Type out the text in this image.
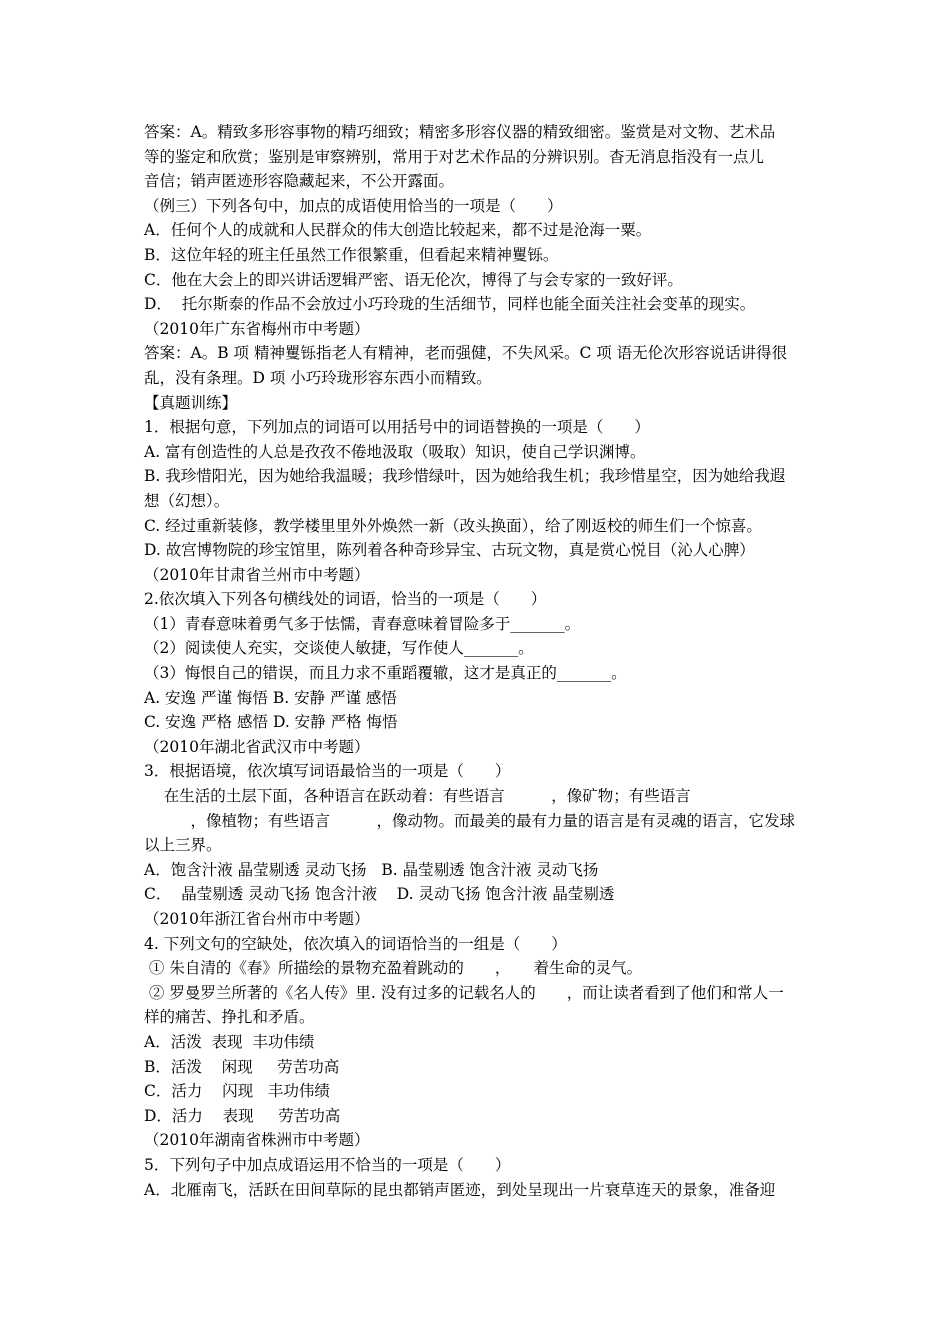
答案：A。精致多形容事物的精巧细致；精密多形容仪器的精致细密。鉴赏是对文物、艺术品
等的鉴定和欣赏；鉴别是审察辨别，常用于对艺术作品的分辨识别。杳无消息指没有一点儿
音信；销声匿迹形容隐藏起来，不公开露面。
（例三）下列各句中，加点的成语使用恰当的一项是（　　）
A．任何个人的成就和人民群众的伟大创造比较起来，都不过是沧海一粟。
B．这位年轻的班主任虽然工作很繁重，但看起来精神矍铄。
C．他在大会上的即兴讲话逻辑严密、语无伦次，博得了与会专家的一致好评。
D．  托尔斯泰的作品不会放过小巧玲珑的生活细节，同样也能全面关注社会变革的现实。
（2010年广东省梅州市中考题）
答案：A。B 项 精神矍铄指老人有精神，老而强健，不失风采。C 项 语无伦次形容说话讲得很
乱，没有条理。D 项 小巧玲珑形容东西小而精致。
【真题训练】
1．根据句意，下列加点的词语可以用括号中的词语替换的一项是（　　）
A. 富有创造性的人总是孜孜不倦地汲取（吸取）知识，使自己学识渊博。
B. 我珍惜阳光，因为她给我温暖；我珍惜绿叶，因为她给我生机；我珍惜星空，因为她给我遐
想（幻想）。
C. 经过重新装修，教学楼里里外外焕然一新（改头换面），给了刚返校的师生们一个惊喜。
D. 故宫博物院的珍宝馆里，陈列着各种奇珍异宝、古玩文物，真是赏心悦目（沁人心脾）
（2010年甘肃省兰州市中考题）
2.依次填入下列各句横线处的词语，恰当的一项是（　　）
（1）青春意味着勇气多于怯懦，青春意味着冒险多于_______。
（2）阅读使人充实，交谈使人敏捷，写作使人_______。
（3）悔恨自己的错误，而且力求不重蹈覆辙，这才是真正的_______。
A. 安逸 严谨 悔悟 B. 安静 严谨 感悟
C. 安逸 严格 感悟 D. 安静 严格 悔悟
（2010年湖北省武汉市中考题）
3．根据语境，依次填写词语最恰当的一项是（　　）
在生活的土层下面，各种语言在跃动着：有些语言　　　，像矿物；有些语言
　　　，像植物；有些语言　　　，像动物。而最美的最有力量的语言是有灵魂的语言，它发球
以上三界。
A．饱含汁液 晶莹剔透 灵动飞扬   B. 晶莹剔透 饱含汁液 灵动飞扬
C．  晶莹剔透 灵动飞扬 饱含汁液    D. 灵动飞扬 饱含汁液 晶莹剔透
（2010年浙江省台州市中考题）
4. 下列文句的空缺处，依次填入的词语恰当的一组是（　　）
① 朱自清的《春》所描绘的景物充盈着跳动的　　，　　着生命的灵气。
② 罗曼罗兰所著的《名人传》里. 没有过多的记载名人的　　，而让读者看到了他们和常人一
样的痛苦、挣扎和矛盾。
A．活泼  表现  丰功伟绩
B．活泼    闲现     劳苦功高
C．活力    闪现   丰功伟绩
D．活力    表现     劳苦功高
（2010年湖南省株洲市中考题）
5．下列句子中加点成语运用不恰当的一项是（　　）
A．北雁南飞，活跃在田间草际的昆虫都销声匿迹，到处呈现出一片衰草连天的景象，准备迎
